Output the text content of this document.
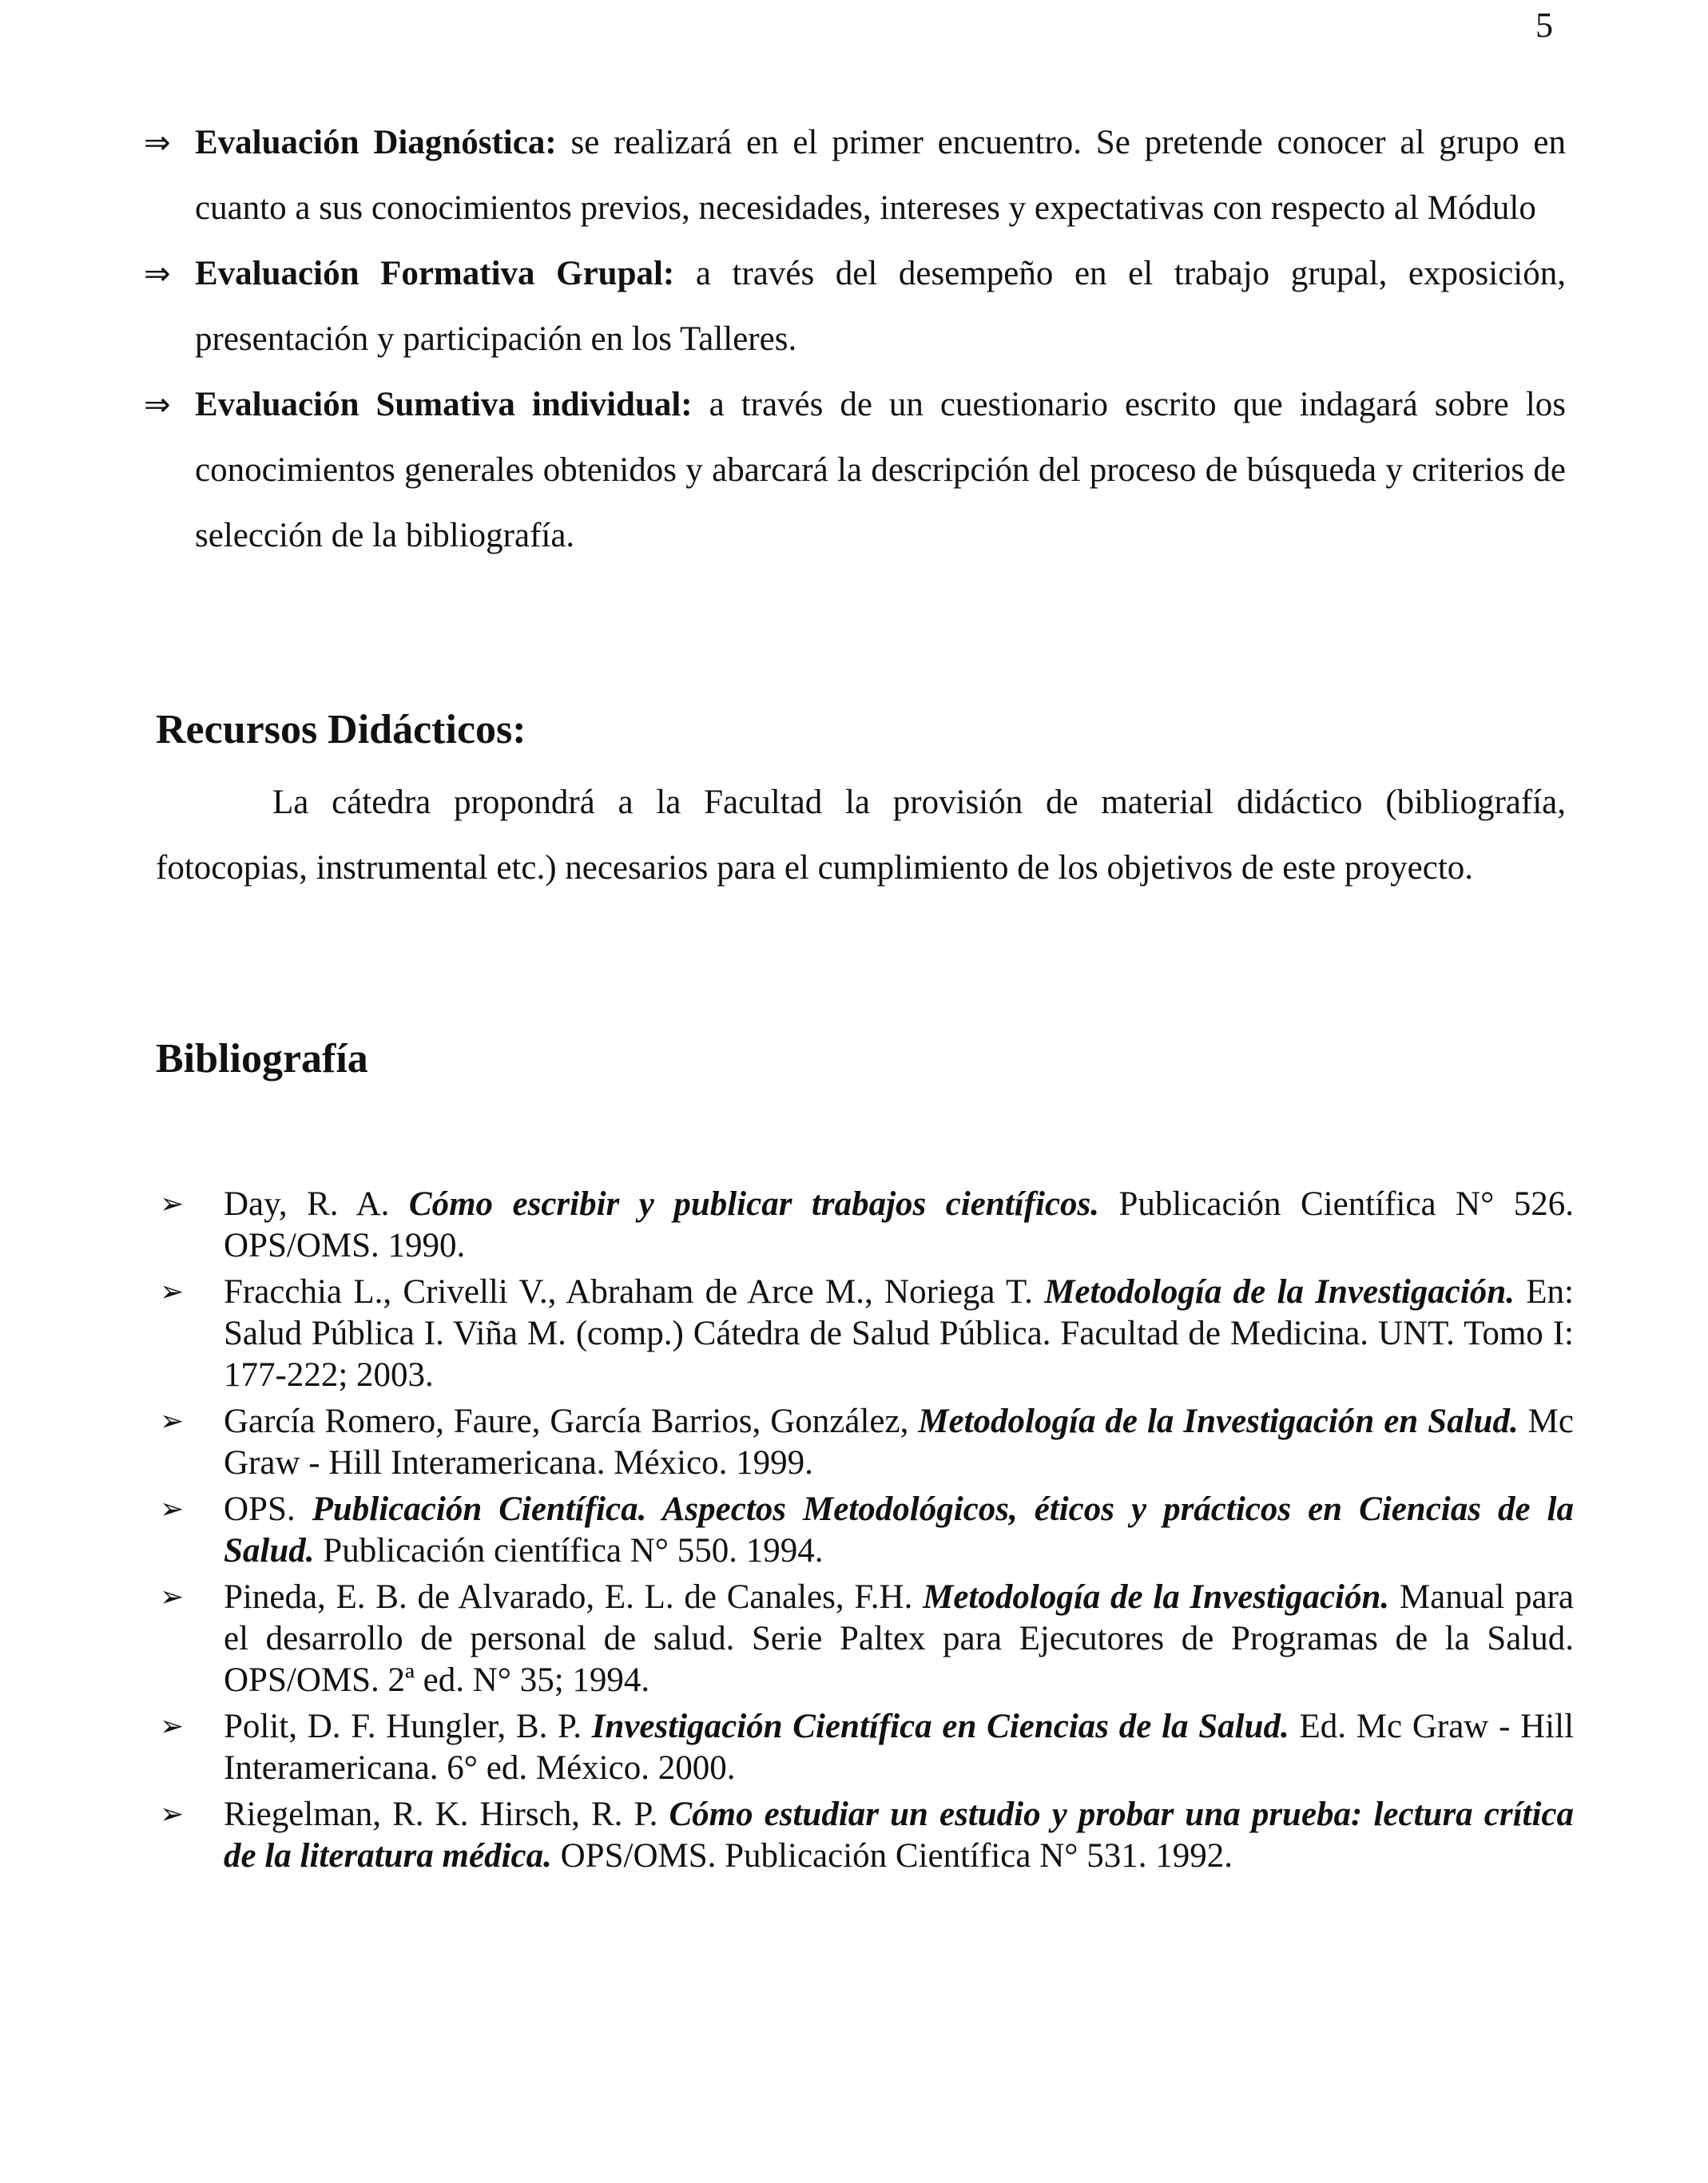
5
⇒ Evaluación Diagnóstica: se realizará en el primer encuentro. Se pretende conocer al grupo en cuanto a sus conocimientos previos, necesidades, intereses y expectativas con respecto al Módulo
⇒ Evaluación Formativa Grupal: a través del desempeño en el trabajo grupal, exposición, presentación y participación en los Talleres.
⇒ Evaluación Sumativa individual: a través de un cuestionario escrito que indagará sobre los conocimientos generales obtenidos y abarcará la descripción del proceso de búsqueda y criterios de selección de la bibliografía.
Recursos Didácticos:
La cátedra propondrá a la Facultad la provisión de material didáctico (bibliografía, fotocopias, instrumental etc.) necesarios para el cumplimiento de los objetivos de este proyecto.
Bibliografía
➢ Day, R. A. Cómo escribir y publicar trabajos científicos. Publicación Científica N° 526. OPS/OMS. 1990.
➢ Fracchia L., Crivelli V., Abraham de Arce M., Noriega T. Metodología de la Investigación. En: Salud Pública I. Viña M. (comp.) Cátedra de Salud Pública. Facultad de Medicina. UNT. Tomo I: 177-222; 2003.
➢ García Romero, Faure, García Barrios, González, Metodología de la Investigación en Salud. Mc Graw - Hill Interamericana. México. 1999.
➢ OPS. Publicación Científica. Aspectos Metodológicos, éticos y prácticos en Ciencias de la Salud. Publicación científica N° 550. 1994.
➢ Pineda, E. B. de Alvarado, E. L. de Canales, F.H. Metodología de la Investigación. Manual para el desarrollo de personal de salud. Serie Paltex para Ejecutores de Programas de la Salud. OPS/OMS. 2ª ed. N° 35; 1994.
➢ Polit, D. F. Hungler, B. P. Investigación Científica en Ciencias de la Salud. Ed. Mc Graw - Hill Interamericana. 6° ed. México. 2000.
➢ Riegelman, R. K. Hirsch, R. P. Cómo estudiar un estudio y probar una prueba: lectura crítica de la literatura médica. OPS/OMS. Publicación Científica N° 531. 1992.
